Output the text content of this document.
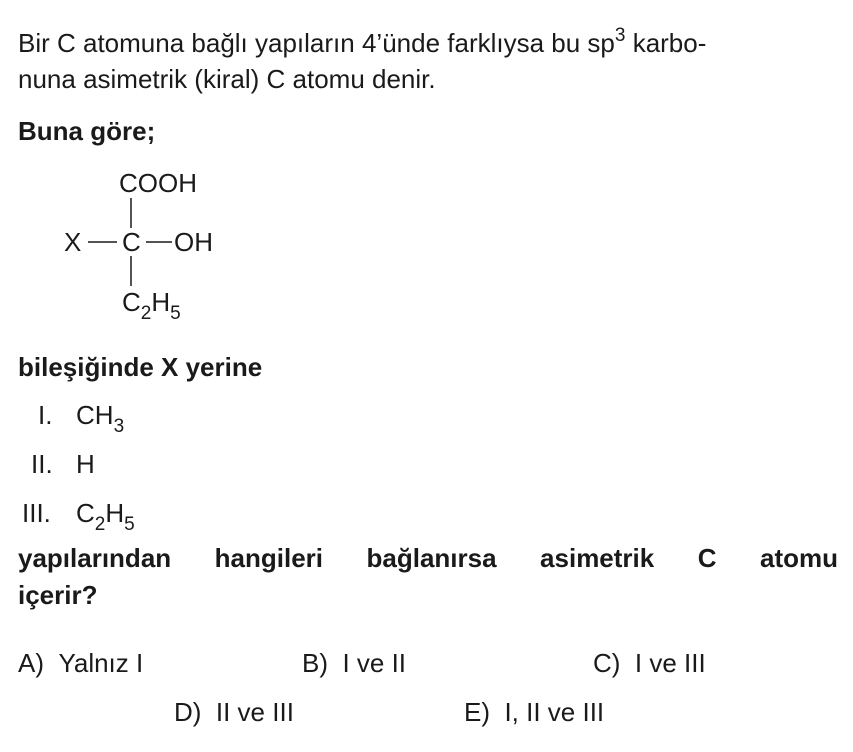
Bir C atomuna bağlı yapıların 4’ünde farklıysa bu $sp^3$ karbo-
nuna asimetrik (kiral) C atomu denir.
Buna göre;
COOH
X C OH
$C_2H_5$
bileşiğinde X yerine
I. $CH_3$
II. H
III. $C_2H_5$
yapılarından hangileri bağlanırsa asimetrik C atomu
içerir?
A) Yalnız I	B) I ve II	C) I ve III
D) II ve III	E) I, II ve III
